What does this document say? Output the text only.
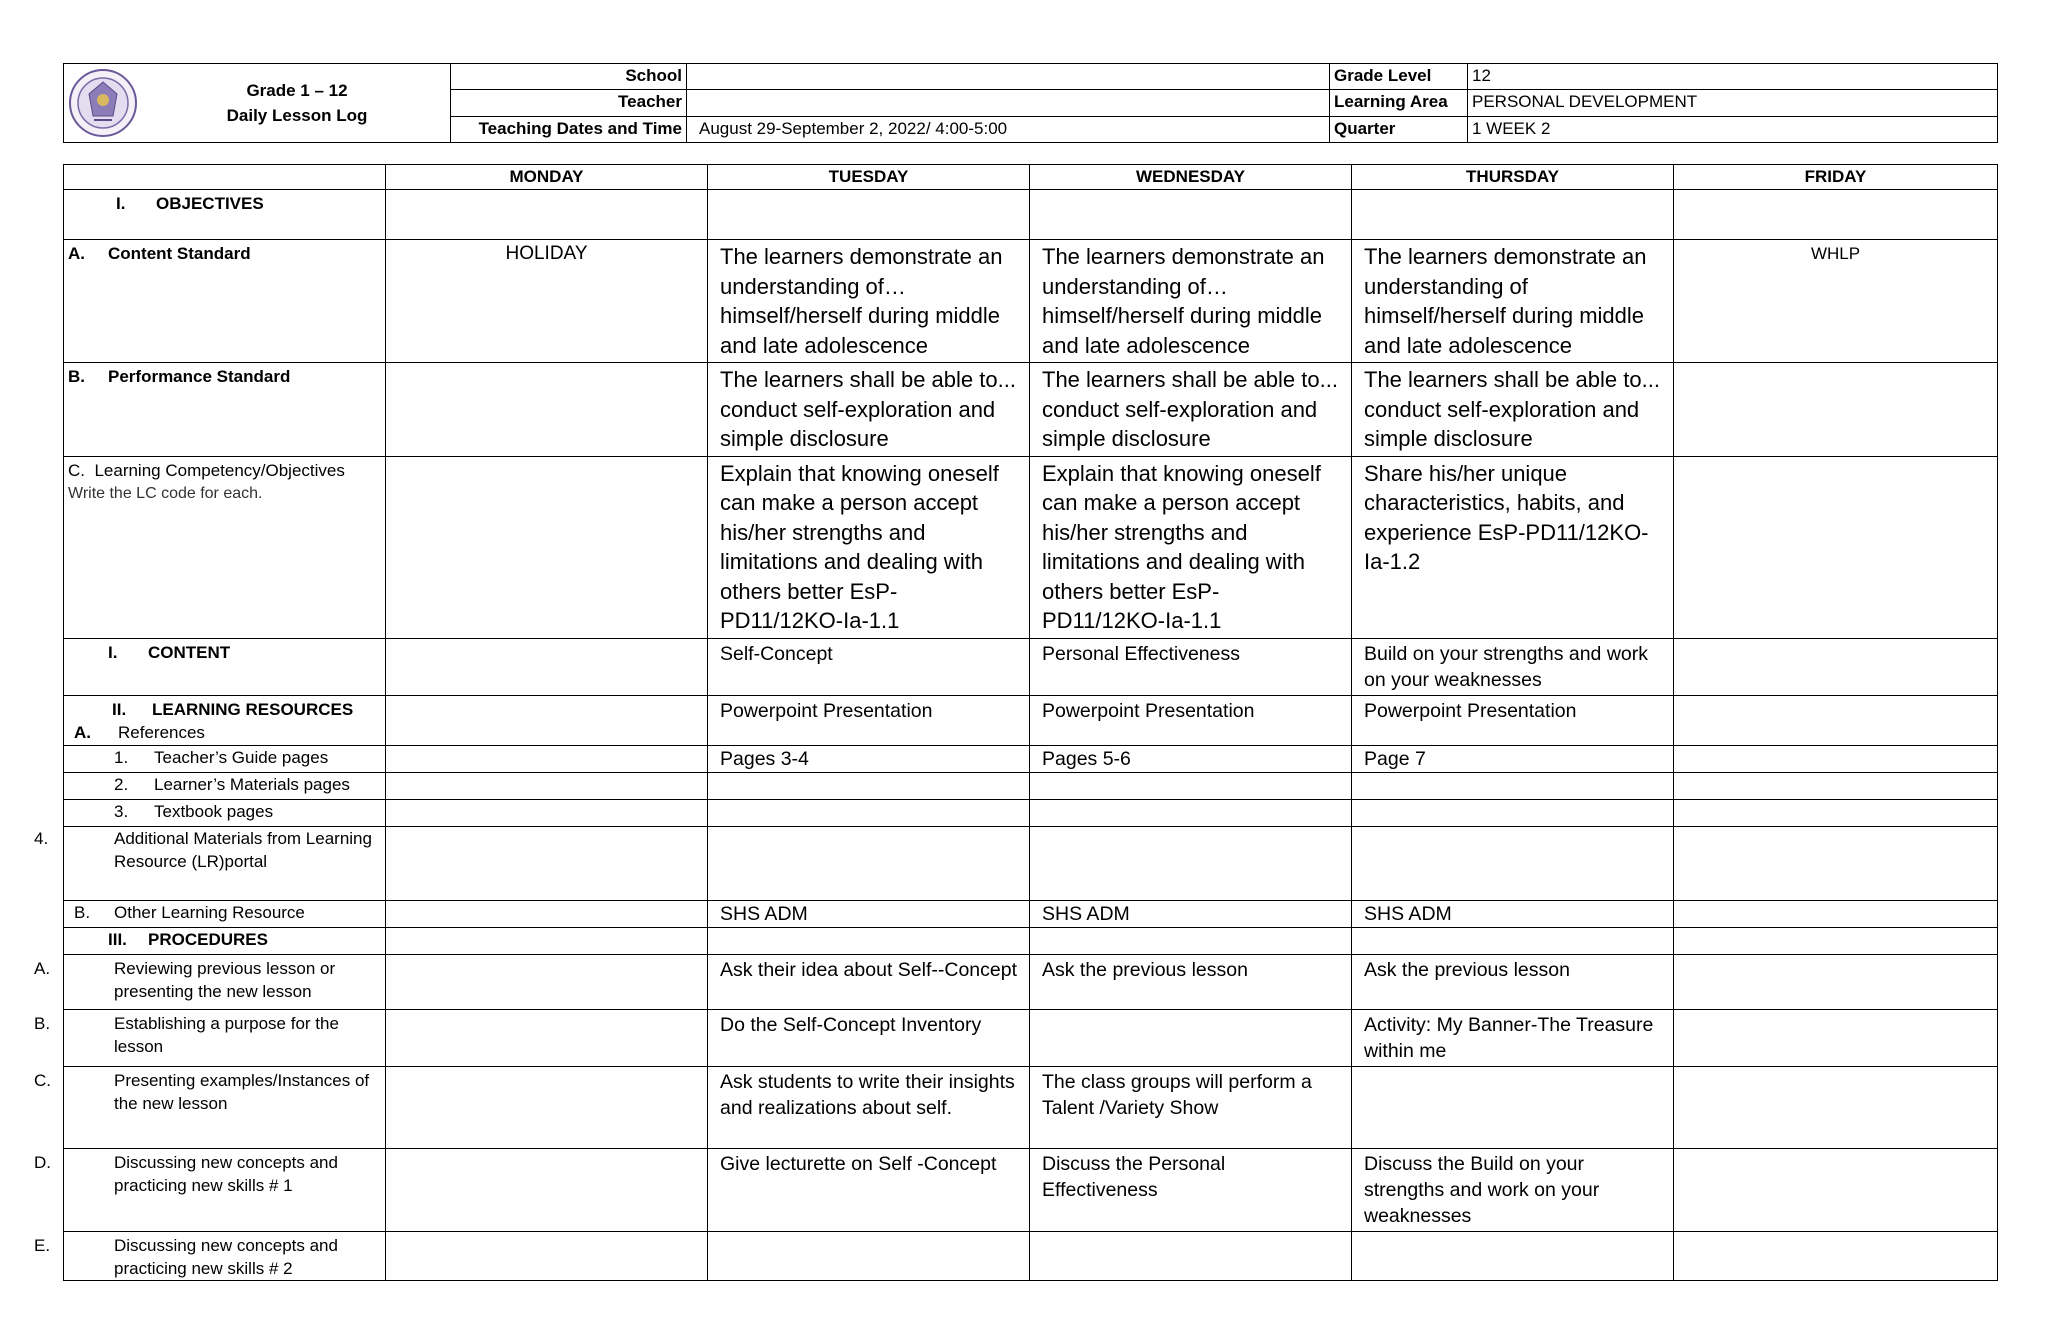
Grade 1 – 12
Daily Lesson Log	School		Grade Level	12
	Teacher		Learning Area	PERSONAL DEVELOPMENT
	Teaching Dates and Time	August 29-September 2, 2022/ 4:00-5:00	Quarter	1 WEEK 2
	MONDAY	TUESDAY	WEDNESDAY	THURSDAY	FRIDAY
I. OBJECTIVES					
A. Content Standard	HOLIDAY	The learners demonstrate an understanding of… himself/herself during middle and late adolescence	The learners demonstrate an understanding of… himself/herself during middle and late adolescence	The learners demonstrate an understanding of himself/herself during middle and late adolescence	WHLP
B. Performance Standard		The learners shall be able to... conduct self-exploration and simple disclosure	The learners shall be able to... conduct self-exploration and simple disclosure	The learners shall be able to... conduct self-exploration and simple disclosure	

C. Learning Competency/Objectives
Write the LC code for each.		Explain that knowing oneself can make a person accept his/her strengths and limitations and dealing with others better EsP-PD11/12KO-Ia-1.1	Explain that knowing oneself can make a person accept his/her strengths and limitations and dealing with others better EsP-PD11/12KO-Ia-1.1	Share his/her unique characteristics, habits, and experience EsP-PD11/12KO-Ia-1.2	
I. CONTENT		Self-Concept	Personal Effectiveness	Build on your strengths and work on your weaknesses	

II. LEARNING RESOURCES
A. References		Powerpoint Presentation	Powerpoint Presentation	Powerpoint Presentation	
1. Teacher’s Guide pages		Pages 3-4	Pages 5-6	Page 7	
2. Learner’s Materials pages					
3. Textbook pages					
4. Additional Materials from Learning Resource (LR)portal					
B. Other Learning Resource		SHS ADM	SHS ADM	SHS ADM	
III. PROCEDURES					
A. Reviewing previous lesson or presenting the new lesson		Ask their idea about Self--Concept	Ask the previous lesson	Ask the previous lesson	
B. Establishing a purpose for the lesson		Do the Self-Concept Inventory		Activity: My Banner-The Treasure within me	
C. Presenting examples/Instances of the new lesson		Ask students to write their insights and realizations about self.	The class groups will perform a Talent /Variety Show		
D. Discussing new concepts and practicing new skills # 1		Give lecturette on Self -Concept	Discuss the Personal Effectiveness	Discuss the Build on your strengths and work on your weaknesses	
E. Discussing new concepts and practicing new skills # 2					
